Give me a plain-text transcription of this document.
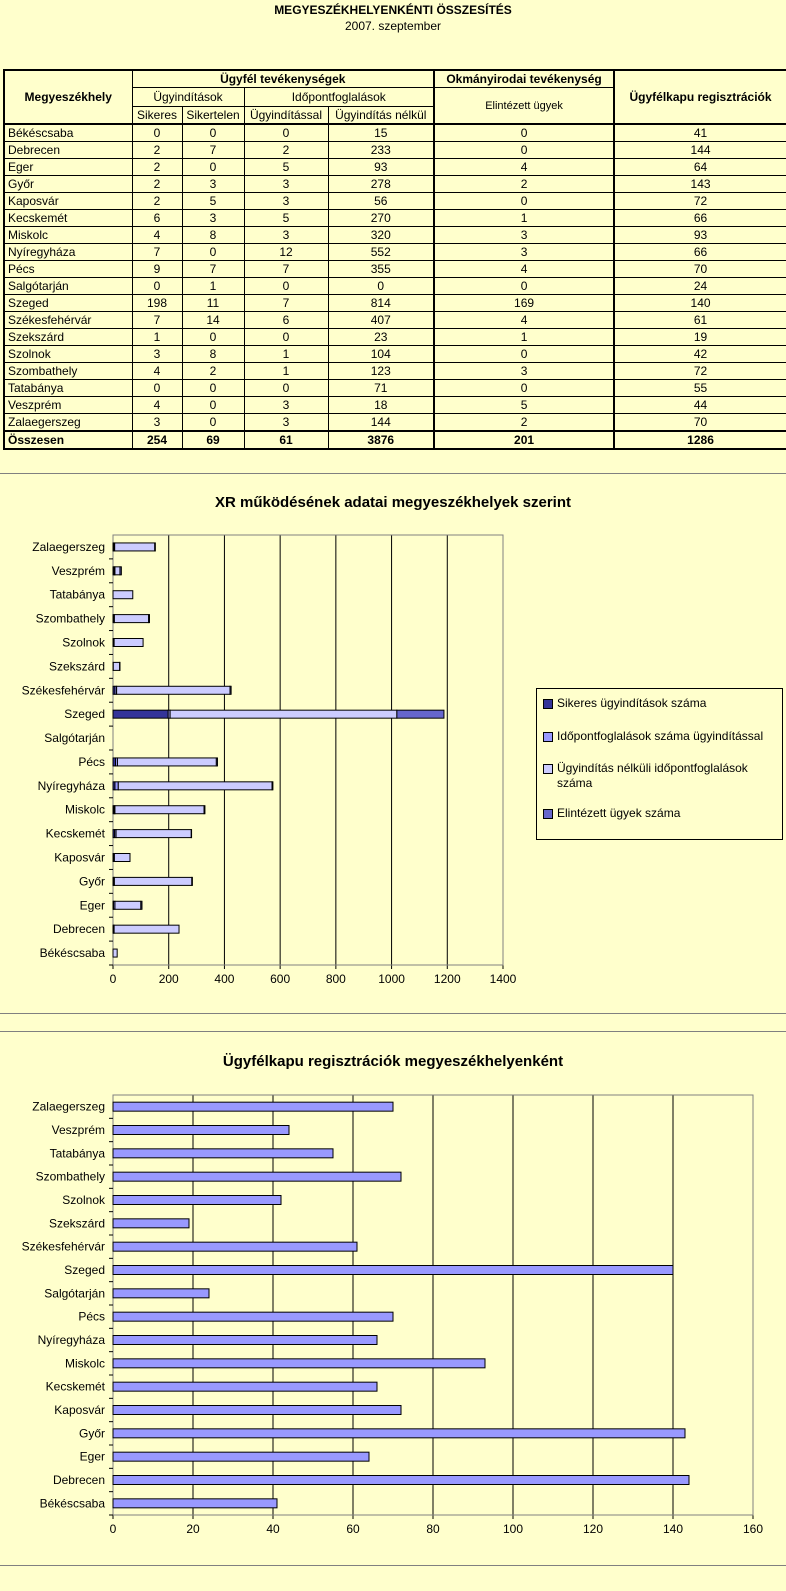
MEGYESZÉKHELYENKÉNTI ÖSSZESÍTÉS
2007. szeptember
Megyeszékhely	Ügyfél tevékenységek				Okmányirodai tevékenység	Ügyfélkapu regisztrációk
	Ügyindítások		Időpontfoglalások		Elintézett ügyek	
	Sikeres	Sikertelen	Ügyindítással	Ügyindítás nélkül		
Békéscsaba	0	0	0	15	0	41
Debrecen	2	7	2	233	0	144
Eger	2	0	5	93	4	64
Győr	2	3	3	278	2	143
Kaposvár	2	5	3	56	0	72
Kecskemét	6	3	5	270	1	66
Miskolc	4	8	3	320	3	93
Nyíregyháza	7	0	12	552	3	66
Pécs	9	7	7	355	4	70
Salgótarján	0	1	0	0	0	24
Szeged	198	11	7	814	169	140
Székesfehérvár	7	14	6	407	4	61
Szekszárd	1	0	0	23	1	19
Szolnok	3	8	1	104	0	42
Szombathely	4	2	1	123	3	72
Tatabánya	0	0	0	71	0	55
Veszprém	4	0	3	18	5	44
Zalaegerszeg	3	0	3	144	2	70
Összesen	254	69	61	3876	201	1286
XR működésének adatai megyeszékhelyek szerint
0	200	400	600	800	1000 1200 1400
Békéscsaba
Debrecen
Eger
Győr
Kaposvár
Kecskemét
Miskolc
Nyíregyháza
Pécs
Salgótarján
Szeged
Székesfehérvár
Szekszárd
Szolnok
Szombathely
Tatabánya
Veszprém
Zalaegerszeg
Sikeres ügyindítások száma
Időpontfoglalások száma ügyindítással
Ügyindítás nélküli időpontfoglalások száma
Elintézett ügyek száma
Ügyfélkapu regisztrációk megyeszékhelyenként
0	20	40	60	80	100	120	140	160
Békéscsaba
Debrecen
Eger
Győr
Kaposvár
Kecskemét
Miskolc
Nyíregyháza
Pécs
Salgótarján
Szeged
Székesfehérvár
Szekszárd
Szolnok
Szombathely
Tatabánya
Veszprém
Zalaegerszeg
